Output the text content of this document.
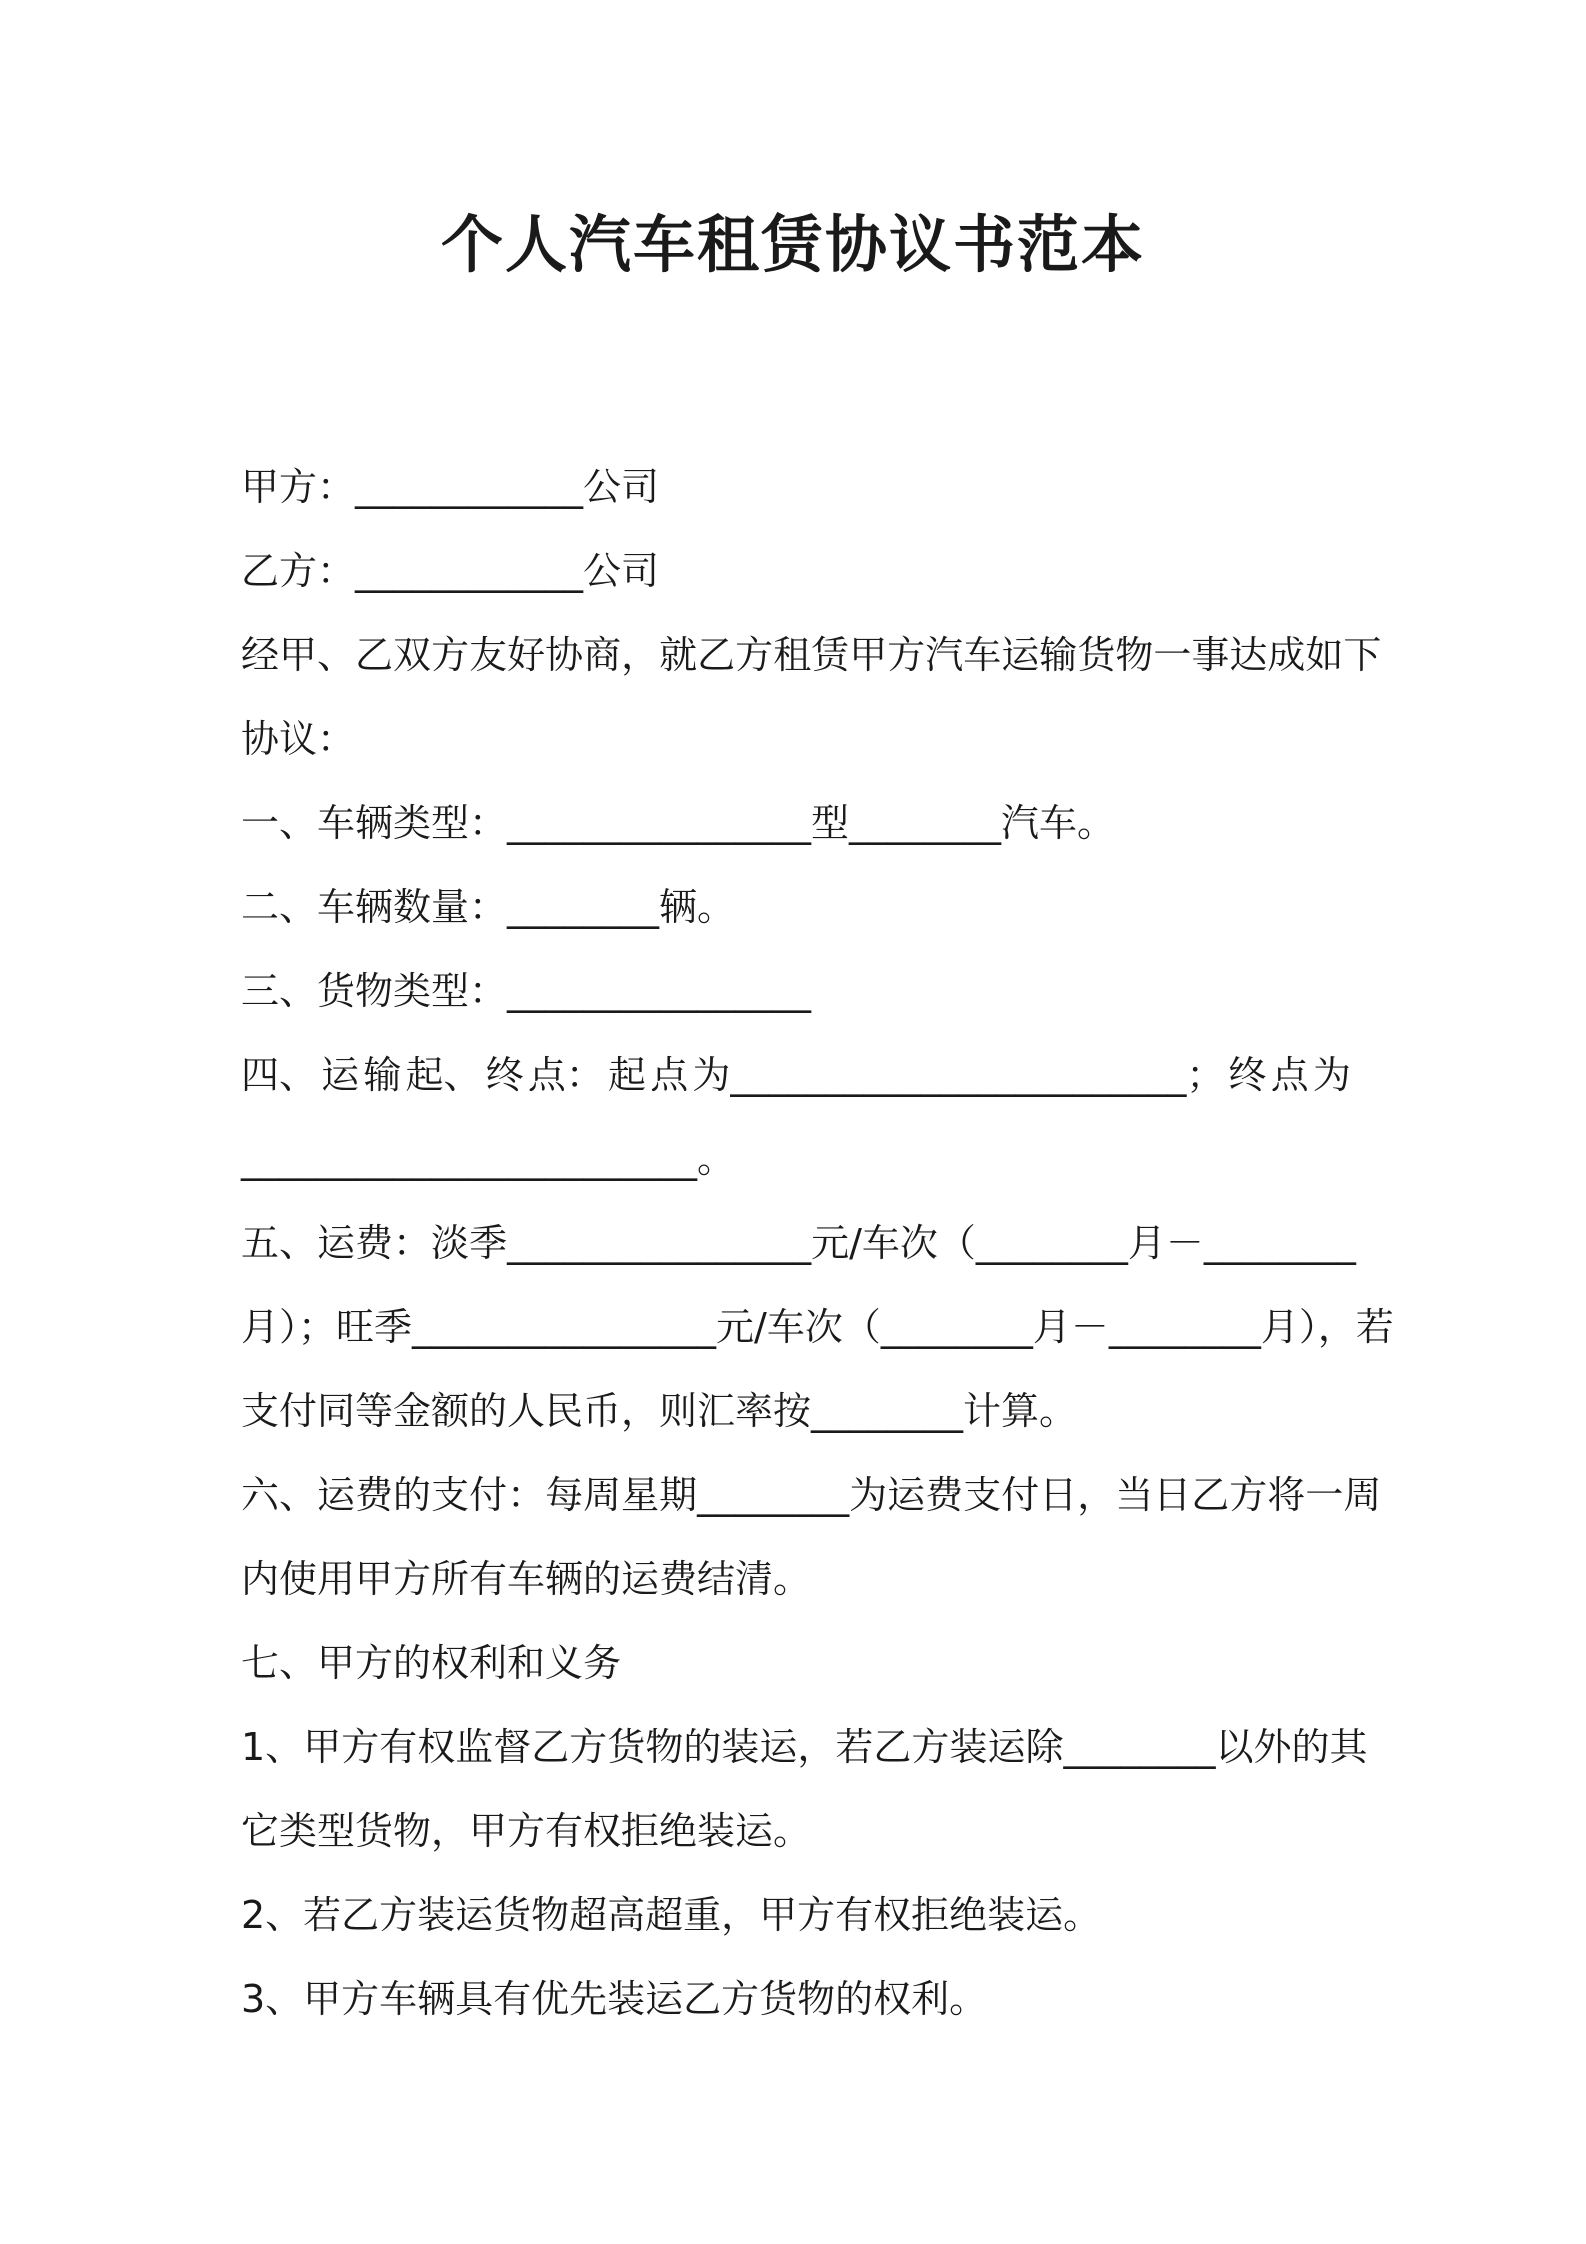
个人汽车租赁协议书范本
甲方：____________公司
乙方：____________公司
经 甲、 乙 双 方 友 好 协 商， 就 乙 方 租 赁 甲 方 汽 车 运 输 货 物 一 事 达 成 如 下
协议：
一、车辆类型：________________型________汽车。
二、车辆数量：________辆。
三、货物类型：________________
四、 运 输 起、 终 点： 起 点 为________________________； 终 点 为
________________________。
五、 运 费： 淡 季________________元/车 次（________月－________
月）； 旺 季________________元/车 次（________月－________月）， 若
支付同等金额的人民币，则汇率按________计算。
六、 运 费 的 支 付： 每 周 星 期________为 运 费 支 付 日， 当 日 乙 方 将 一 周
内使用甲方所有车辆的运费结清。
七、甲方的权利和义务
1、 甲 方 有 权 监 督 乙 方 货 物 的 装 运， 若 乙 方 装 运 除________以 外 的 其
它类型货物，甲方有权拒绝装运。
2、若乙方装运货物超高超重，甲方有权拒绝装运。
3、甲方车辆具有优先装运乙方货物的权利。
